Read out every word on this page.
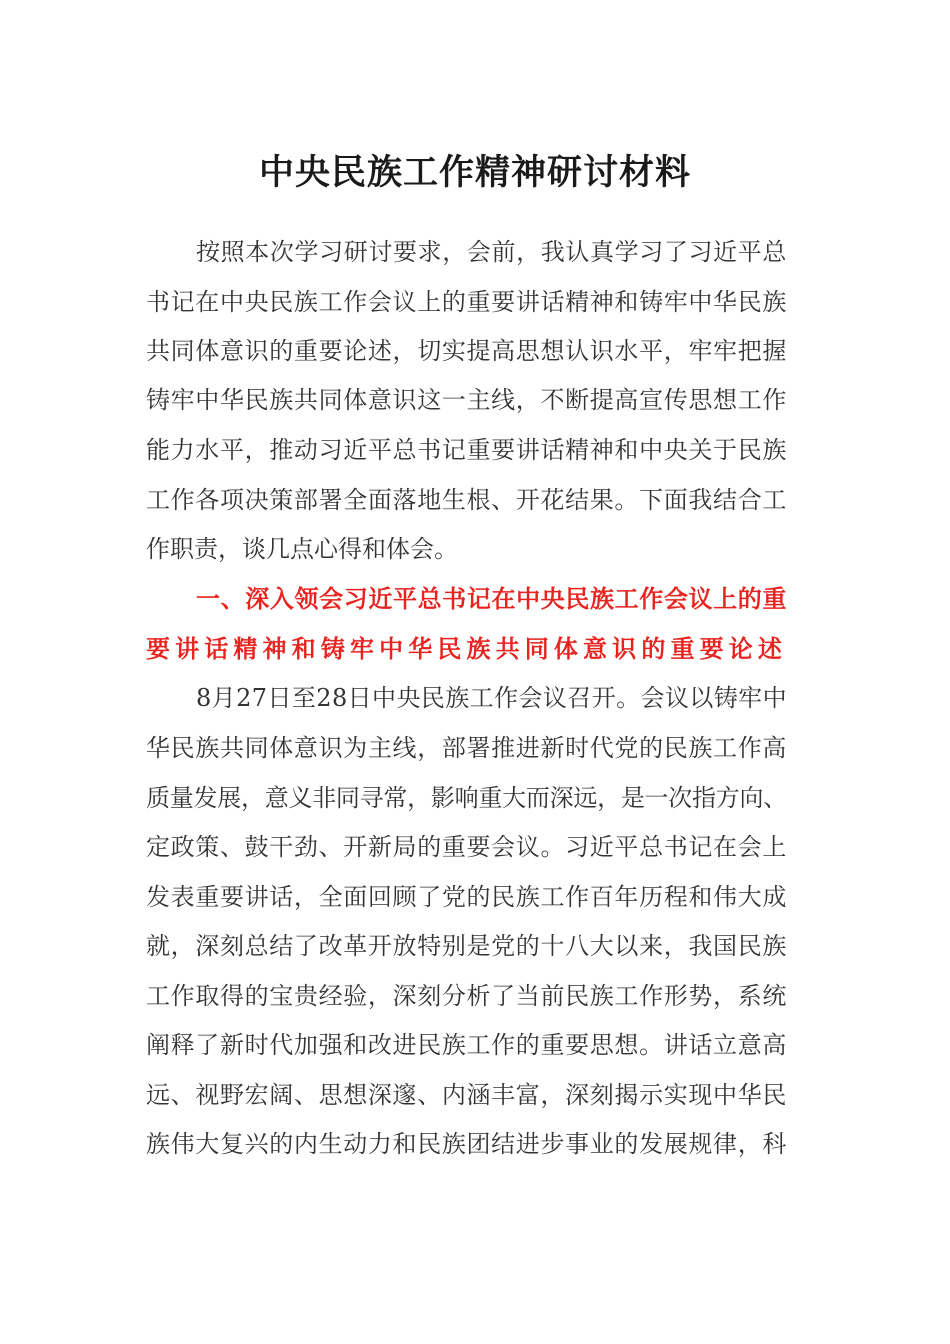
中央民族工作精神研讨材料
按照本次学习研讨要求，会前，我认真学习了习近平总
书记在中央民族工作会议上的重要讲话精神和铸牢中华民族
共同体意识的重要论述，切实提高思想认识水平，牢牢把握
铸牢中华民族共同体意识这一主线，不断提高宣传思想工作
能力水平，推动习近平总书记重要讲话精神和中央关于民族
工作各项决策部署全面落地生根、开花结果。下面我结合工
作职责，谈几点心得和体会。
一、深入领会习近平总书记在中央民族工作会议上的重
要讲话精神和铸牢中华民族共同体意识的重要论述
8月27日至28日中央民族工作会议召开。会议以铸牢中
华民族共同体意识为主线，部署推进新时代党的民族工作高
质量发展，意义非同寻常，影响重大而深远，是一次指方向、
定政策、鼓干劲、开新局的重要会议。习近平总书记在会上
发表重要讲话，全面回顾了党的民族工作百年历程和伟大成
就，深刻总结了改革开放特别是党的十八大以来，我国民族
工作取得的宝贵经验，深刻分析了当前民族工作形势，系统
阐释了新时代加强和改进民族工作的重要思想。讲话立意高
远、视野宏阔、思想深邃、内涵丰富，深刻揭示实现中华民
族伟大复兴的内生动力和民族团结进步事业的发展规律，科
